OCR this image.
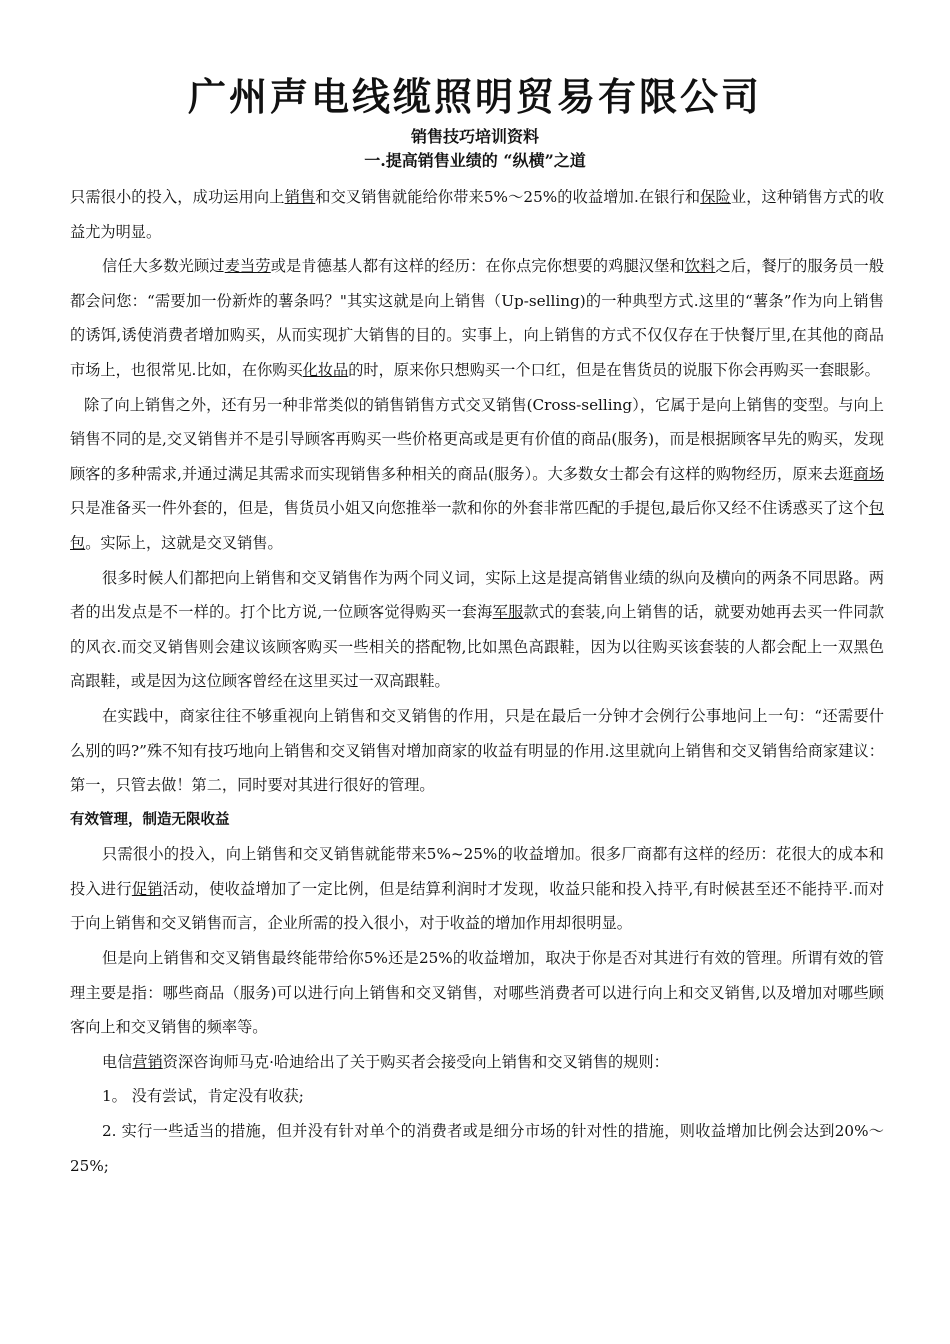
广州声电线缆照明贸易有限公司
销售技巧培训资料
一.提高销售业绩的 “纵横”之道

只需很小的投入，成功运用向上销售和交叉销售就能给你带来5%～25%的收益增加.在银行和保险业，这种销售方式的收益尤为明显。

信任大多数光顾过麦当劳或是肯德基人都有这样的经历：在你点完你想要的鸡腿汉堡和饮料之后，餐厅的服务员一般都会问您：“需要加一份新炸的薯条吗？"其实这就是向上销售（Up-selling)的一种典型方式.这里的“薯条”作为向上销售的诱饵,诱使消费者增加购买，从而实现扩大销售的目的。实事上，向上销售的方式不仅仅存在于快餐厅里,在其他的商品市场上，也很常见.比如，在你购买化妆品的时，原来你只想购买一个口红，但是在售货员的说服下你会再购买一套眼影。

除了向上销售之外，还有另一种非常类似的销售销售方式交叉销售(Cross-selling），它属于是向上销售的变型。与向上销售不同的是,交叉销售并不是引导顾客再购买一些价格更高或是更有价值的商品(服务)，而是根据顾客早先的购买，发现顾客的多种需求,并通过满足其需求而实现销售多种相关的商品(服务）。大多数女士都会有这样的购物经历，原来去逛商场只是准备买一件外套的，但是，售货员小姐又向您推举一款和你的外套非常匹配的手提包,最后你又经不住诱惑买了这个包包。实际上，这就是交叉销售。

很多时候人们都把向上销售和交叉销售作为两个同义词，实际上这是提高销售业绩的纵向及横向的两条不同思路。两者的出发点是不一样的。打个比方说,一位顾客觉得购买一套海军服款式的套装,向上销售的话，就要劝她再去买一件同款的风衣.而交叉销售则会建议该顾客购买一些相关的搭配物,比如黑色高跟鞋，因为以往购买该套装的人都会配上一双黑色高跟鞋，或是因为这位顾客曾经在这里买过一双高跟鞋。

在实践中，商家往往不够重视向上销售和交叉销售的作用，只是在最后一分钟才会例行公事地问上一句：“还需要什么别的吗?”殊不知有技巧地向上销售和交叉销售对增加商家的收益有明显的作用.这里就向上销售和交叉销售给商家建议：第一，只管去做！第二，同时要对其进行很好的管理。

有效管理，制造无限收益

只需很小的投入，向上销售和交叉销售就能带来5%~25%的收益增加。很多厂商都有这样的经历：花很大的成本和投入进行促销活动，使收益增加了一定比例，但是结算利润时才发现，收益只能和投入持平,有时候甚至还不能持平.而对于向上销售和交叉销售而言，企业所需的投入很小，对于收益的增加作用却很明显。

但是向上销售和交叉销售最终能带给你5%还是25%的收益增加，取决于你是否对其进行有效的管理。所谓有效的管理主要是指：哪些商品（服务)可以进行向上销售和交叉销售，对哪些消费者可以进行向上和交叉销售,以及增加对哪些顾客向上和交叉销售的频率等。

电信营销资深咨询师马克·哈迪给出了关于购买者会接受向上销售和交叉销售的规则：

1。 没有尝试，肯定没有收获;

2. 实行一些适当的措施，但并没有针对单个的消费者或是细分市场的针对性的措施，则收益增加比例会达到20%～25%;
